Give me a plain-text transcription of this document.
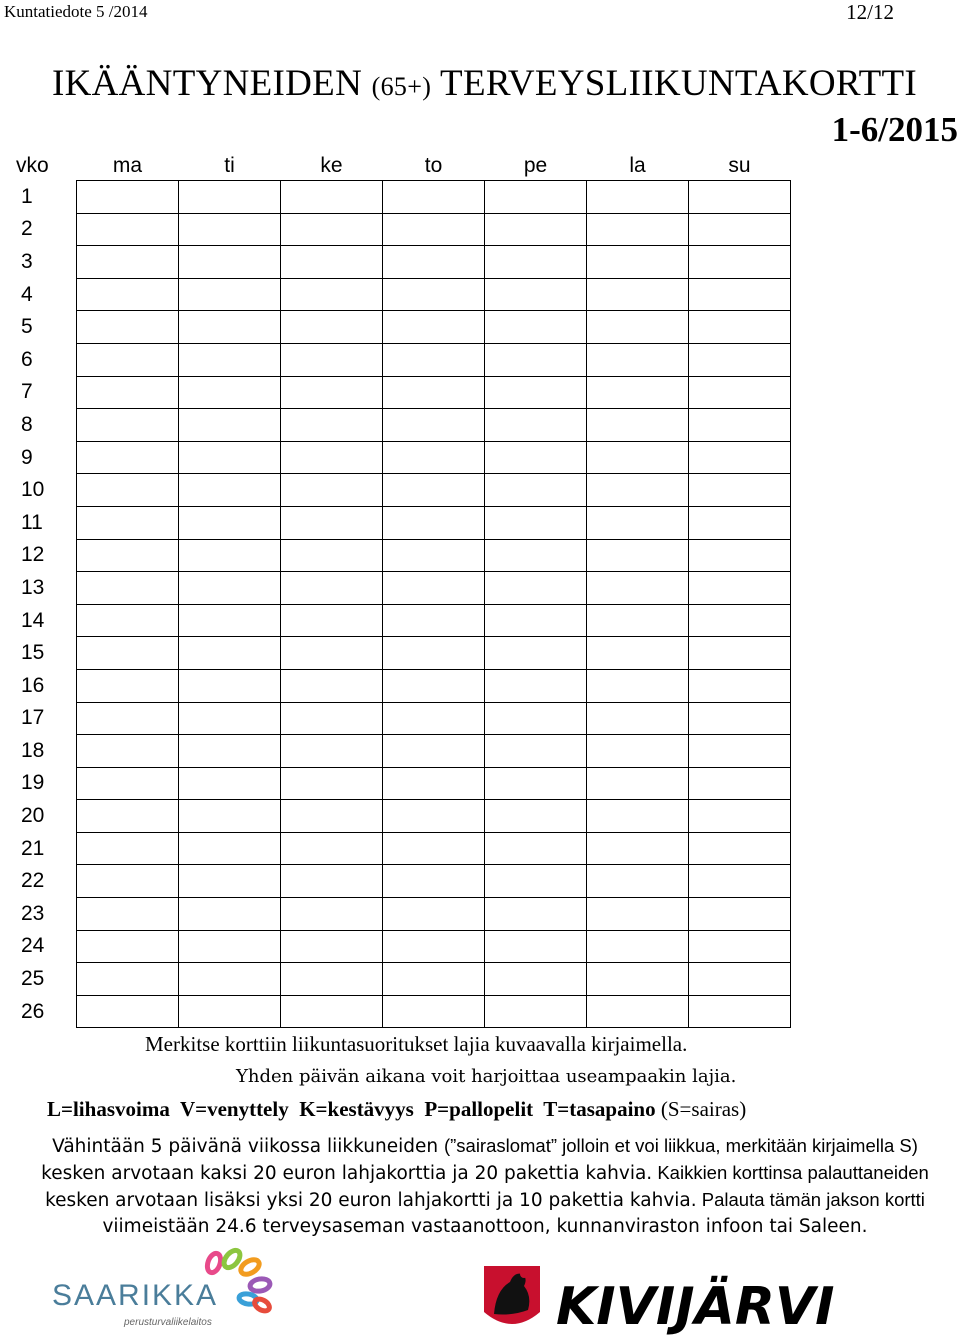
Kuntatiedote 5 /2014	12/12
IKÄÄNTYNEIDEN (65+) TERVEYSLIIKUNTAKORTTI
1-6/2015
vko	ma	ti	ke	to	pe	la	su
1							
2							
3							
4							
5							
6							
7							
8							
9							
10							
11							
12							
13							
14							
15							
16							
17							
18							
19							
20							
21							
22							
23							
24							
25							
26							
Merkitse korttiin liikuntasuoritukset lajia kuvaavalla kirjaimella.
Yhden päivän aikana voit harjoittaa useampaakin lajia.
L=lihasvoima  V=venyttely  K=kestävyys  P=pallopelit  T=tasapaino (S=sairas)
Vähintään 5 päivänä viikossa liikkuneiden (”sairaslomat” jolloin et voi liikkua, merkitään kirjaimella S)
kesken arvotaan kaksi 20 euron lahjakorttia ja 20 pakettia kahvia. Kaikkien korttinsa palauttaneiden
kesken arvotaan lisäksi yksi 20 euron lahjakortti ja 10 pakettia kahvia. Palauta tämän jakson kortti
viimeistään 24.6 terveysaseman vastaanottoon, kunnanviraston infoon tai Saleen.
SAARIKKA
perusturvaliikelaitos	KIVIJÄRVI
